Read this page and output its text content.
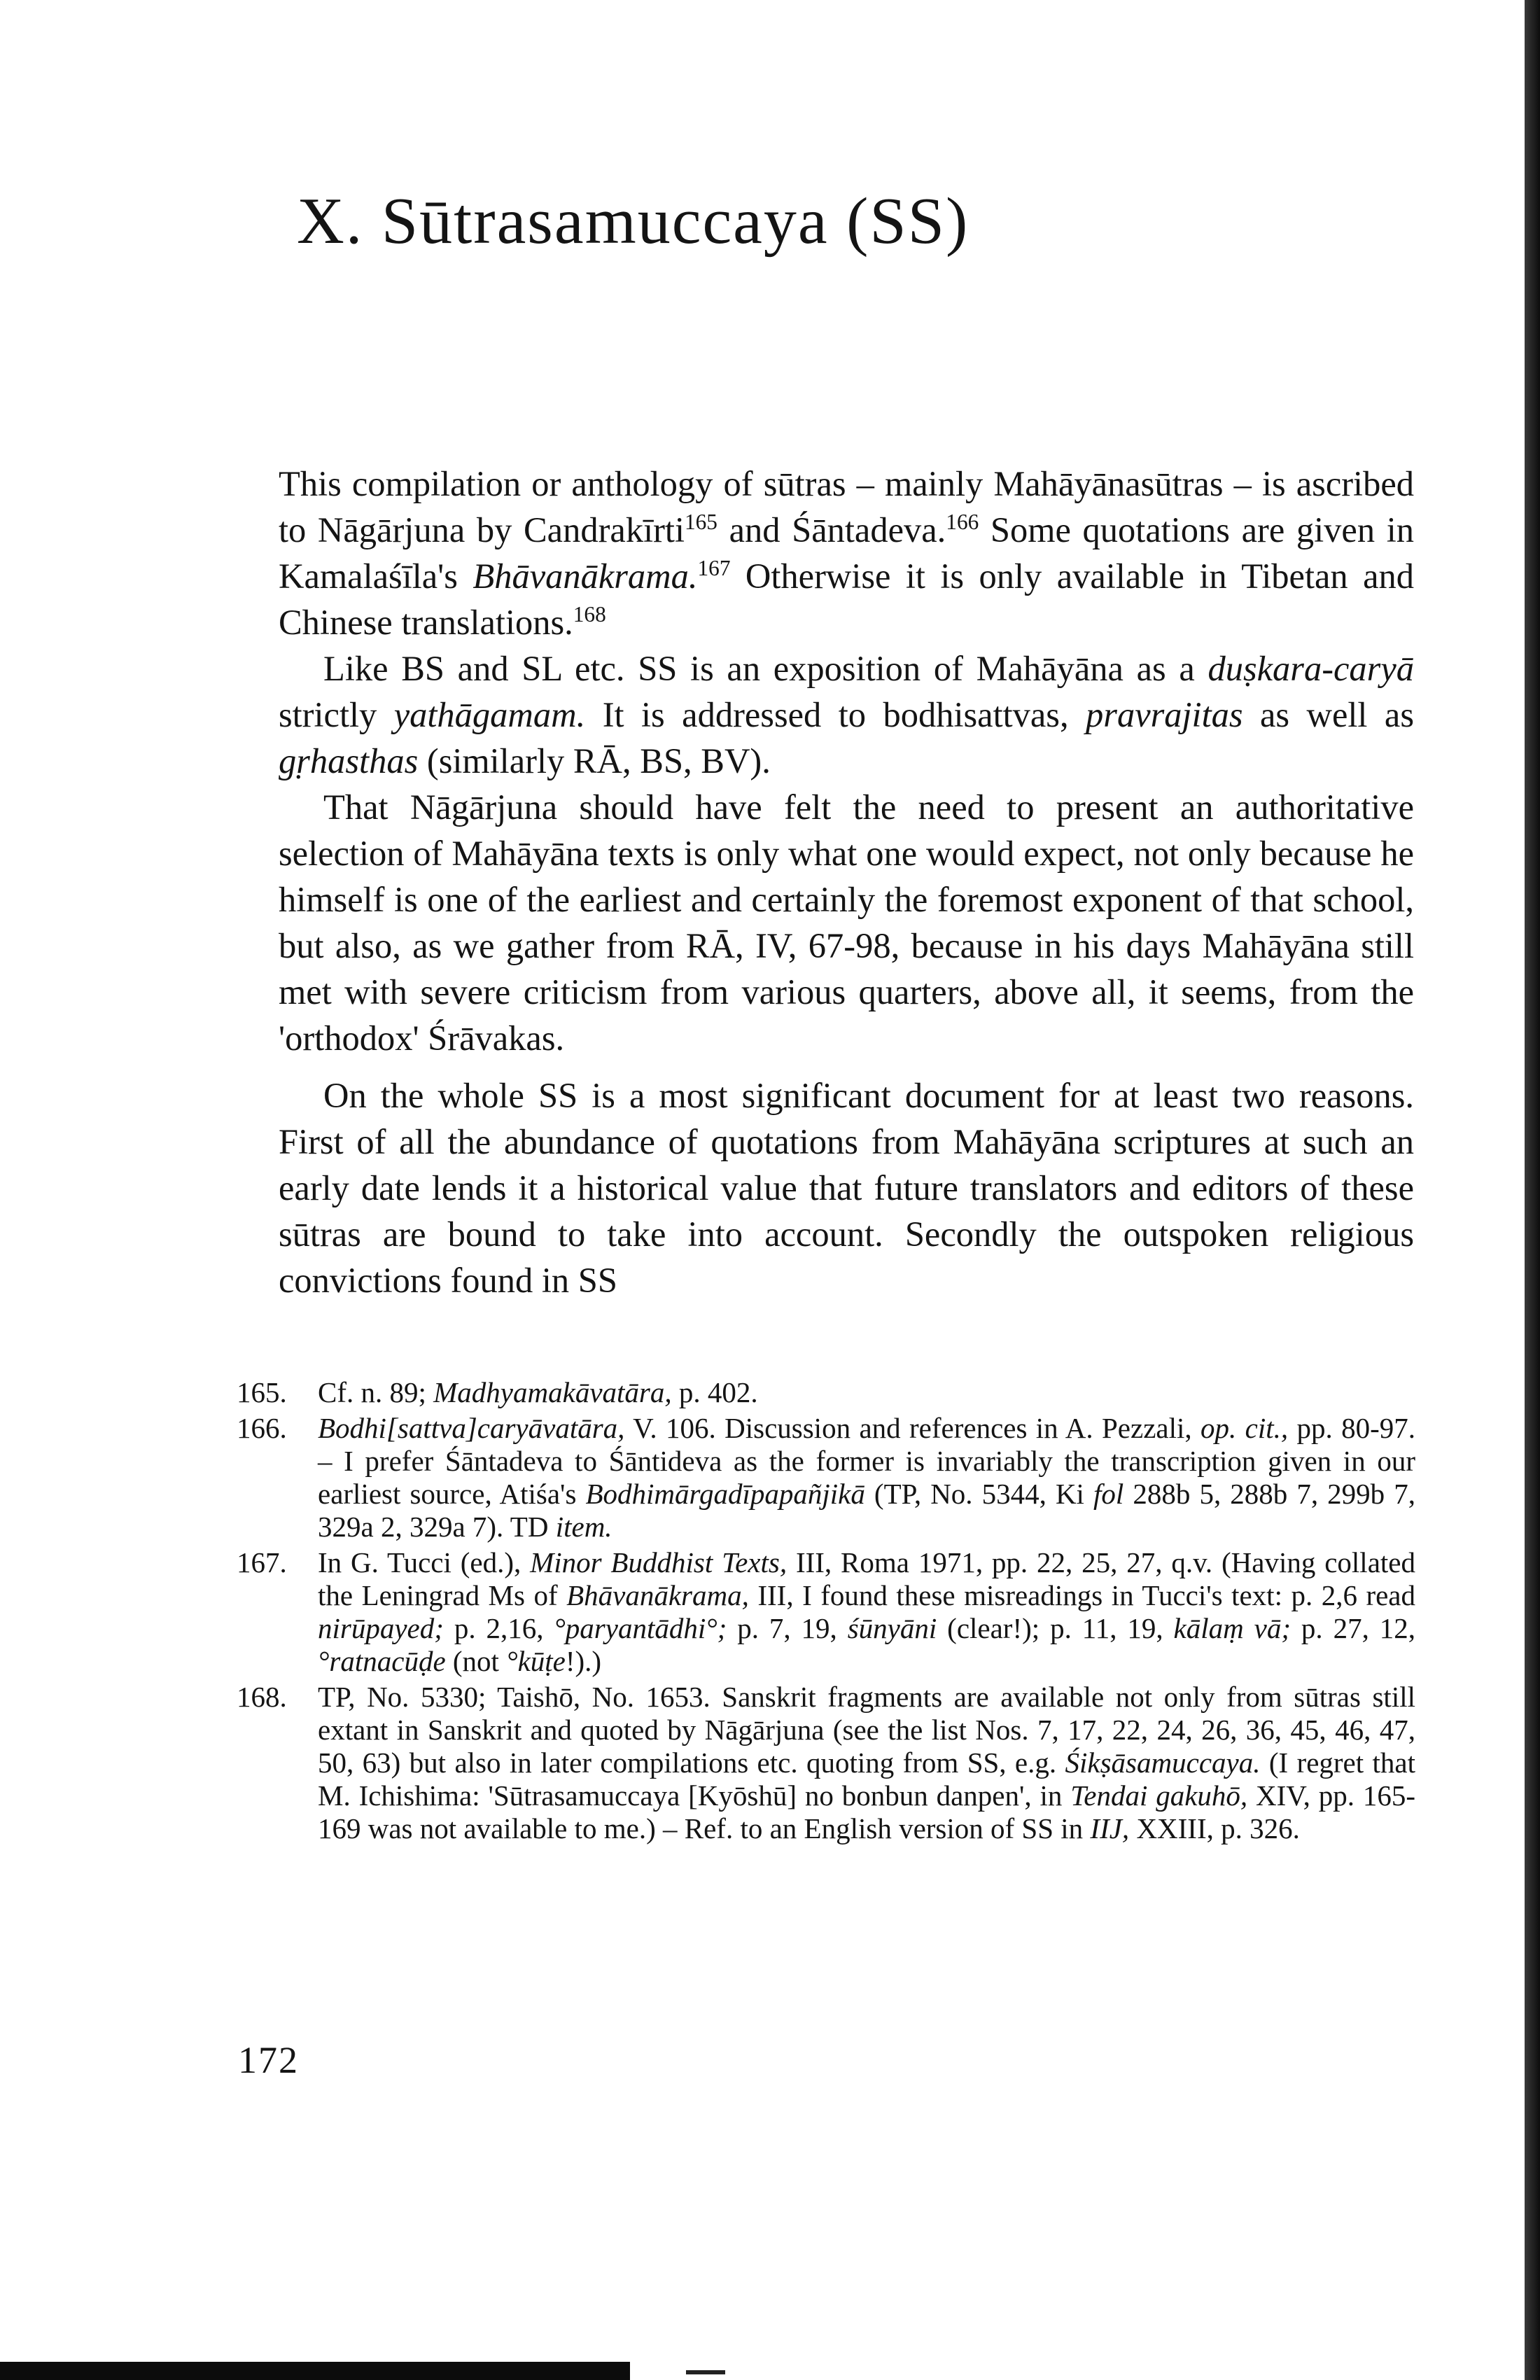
X. Sūtrasamuccaya (SS)

This compilation or anthology of sūtras – mainly Mahāyānasūtras – is ascribed to Nāgārjuna by Candrakīrti$^{165}$ and Śāntadeva.$^{166}$ Some quotations are given in Kamalaśīla's Bhāvanākrama.$^{167}$ Otherwise it is only available in Tibetan and Chinese translations.$^{168}$

Like BS and SL etc. SS is an exposition of Mahāyāna as a duṣkara-caryā strictly yathāgamam. It is addressed to bodhisattvas, pravrajitas as well as gṛhasthas (similarly RĀ, BS, BV).

That Nāgārjuna should have felt the need to present an authoritative selection of Mahāyāna texts is only what one would expect, not only because he himself is one of the earliest and certainly the foremost exponent of that school, but also, as we gather from RĀ, IV, 67-98, because in his days Mahāyāna still met with severe criticism from various quarters, above all, it seems, from the 'orthodox' Śrāvakas.

On the whole SS is a most significant document for at least two reasons. First of all the abundance of quotations from Mahāyāna scriptures at such an early date lends it a historical value that future translators and editors of these sūtras are bound to take into account. Secondly the outspoken religious convictions found in SS

165.	Cf. n. 89; Madhyamakāvatāra, p. 402.
166.	Bodhi[sattva]caryāvatāra, V. 106. Discussion and references in A. Pezzali, op. cit., pp. 80-97. – I prefer Śāntadeva to Śāntideva as the former is invariably the transcription given in our earliest source, Atiśa's Bodhimārgadīpapañjikā (TP, No. 5344, Ki fol 288b 5, 288b 7, 299b 7, 329a 2, 329a 7). TD item.
167.	In G. Tucci (ed.), Minor Buddhist Texts, III, Roma 1971, pp. 22, 25, 27, q.v. (Having collated the Leningrad Ms of Bhāvanākrama, III, I found these misreadings in Tucci's text: p. 2,6 read nirūpayed; p. 2,16, °paryantādhi°; p. 7, 19, śūnyāni (clear!); p. 11, 19, kālaṃ vā; p. 27, 12, °ratnacūḍe (not °kūṭe!).)
168.	TP, No. 5330; Taishō, No. 1653. Sanskrit fragments are available not only from sūtras still extant in Sanskrit and quoted by Nāgārjuna (see the list Nos. 7, 17, 22, 24, 26, 36, 45, 46, 47, 50, 63) but also in later compilations etc. quoting from SS, e.g. Śikṣāsamuccaya. (I regret that M. Ichishima: 'Sūtrasamuccaya [Kyōshū] no bonbun danpen', in Tendai gakuhō, XIV, pp. 165-169 was not available to me.) – Ref. to an English version of SS in IIJ, XXIII, p. 326.
172
